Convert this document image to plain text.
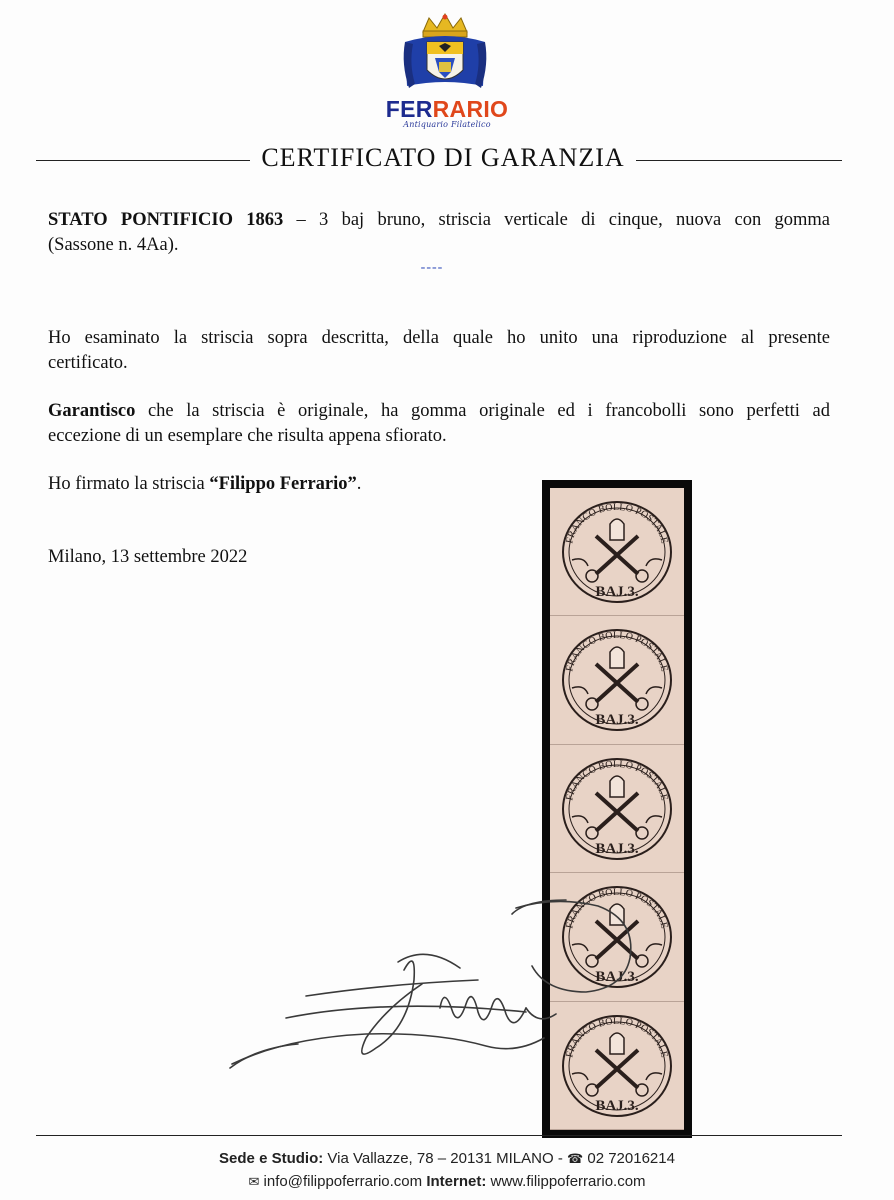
FERRARIO
Antiquario Filatelico
CERTIFICATO DI GARANZIA

STATO PONTIFICIO 1863 – 3 baj bruno, striscia verticale di cinque, nuova con gomma

(Sassone n. 4Aa).

----

Ho esaminato la striscia sopra descritta, della quale ho unito una riproduzione al presente

certificato.

Garantisco che la striscia è originale, ha gomma originale ed i francobolli sono perfetti ad

eccezione di un esemplare che risulta appena sfiorato.

Ho firmato la striscia “Filippo Ferrario”.

Milano, 13 settembre 2022

FRANCO BOLLO POSTALE
BAJ.3.
FRANCO BOLLO POSTALE
BAJ.3.
FRANCO BOLLO POSTALE
BAJ.3.
FRANCO BOLLO POSTALE
BAJ.3.
FRANCO BOLLO POSTALE
BAJ.3.
Sede e Studio: Via Vallazze, 78 – 20131 MILANO - ☎ 02 72016214
✉ info@filippoferrario.com Internet: www.filippoferrario.com
